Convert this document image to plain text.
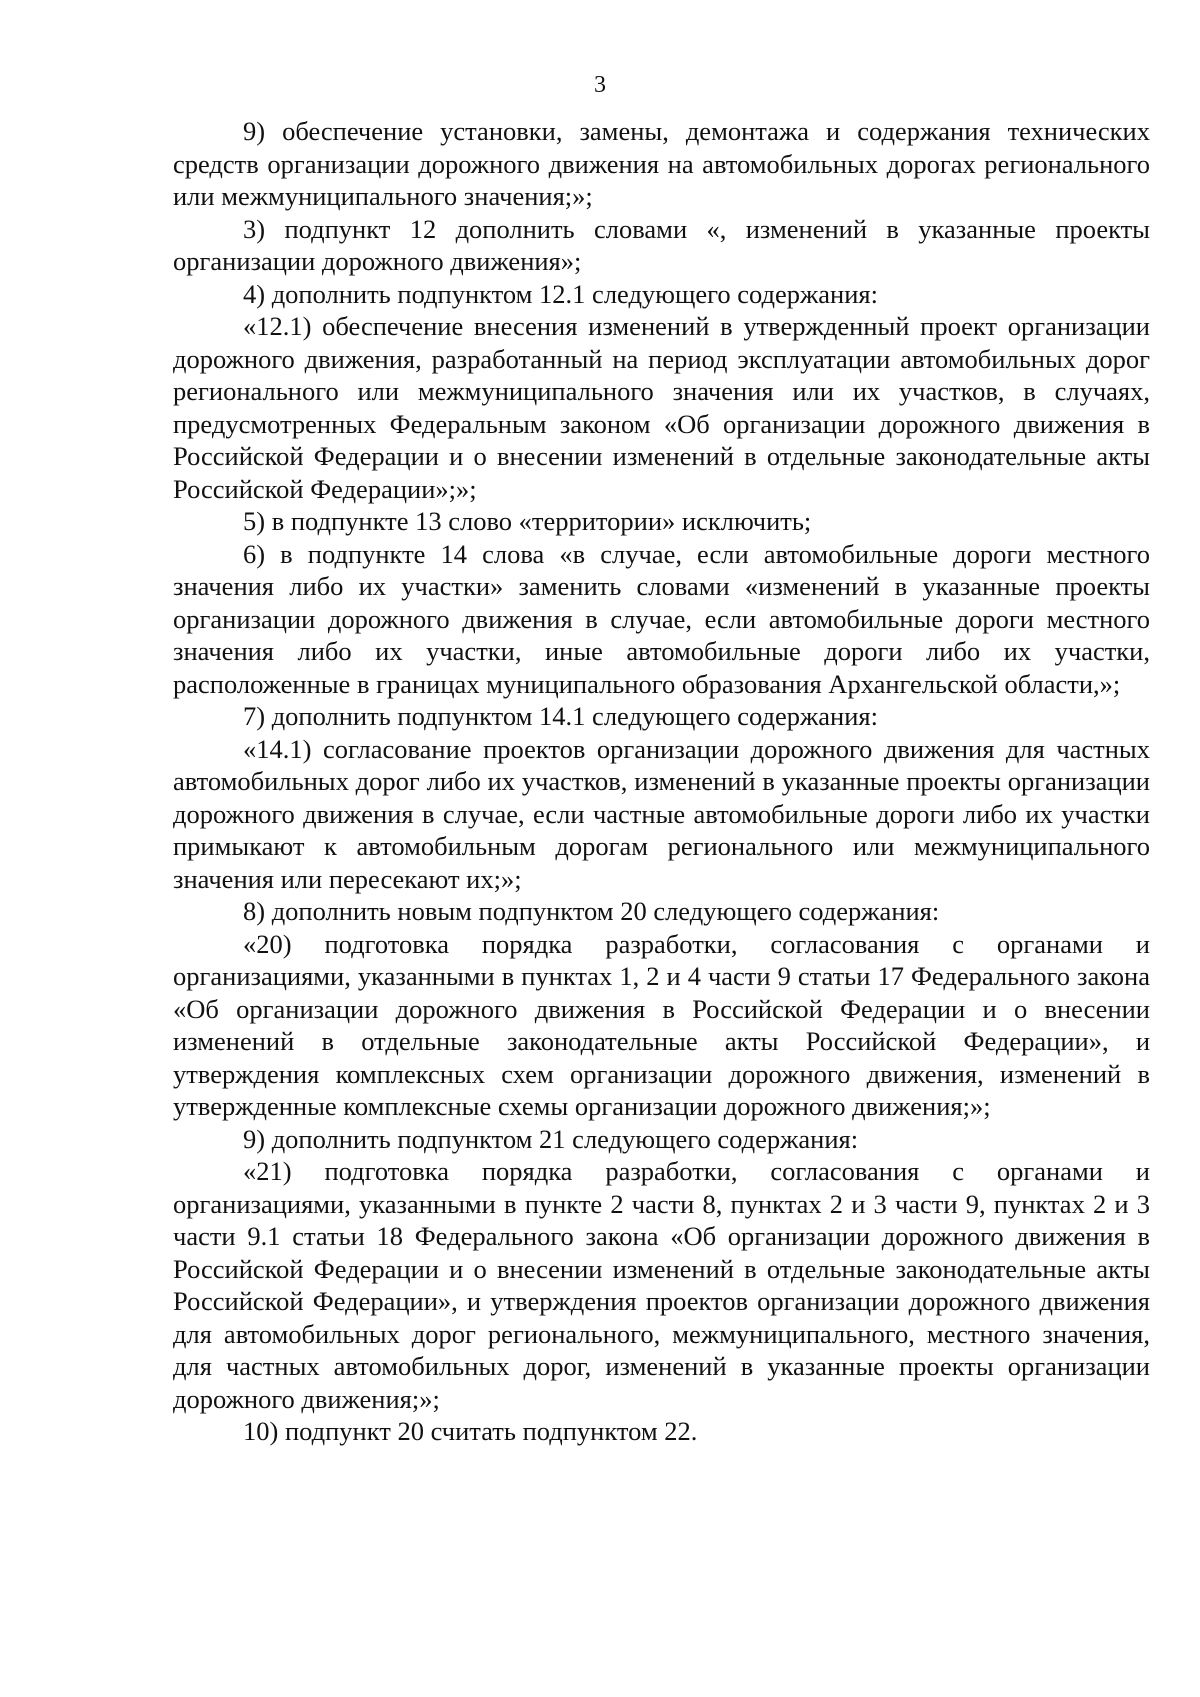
3

9) обеспечение установки, замены, демонтажа и содержания технических средств организации дорожного движения на автомобильных дорогах регионального или межмуниципального значения;»;

3) подпункт 12 дополнить словами «, изменений в указанные проекты организации дорожного движения»;

4) дополнить подпунктом 12.1 следующего содержания:

«12.1) обеспечение внесения изменений в утвержденный проект организации дорожного движения, разработанный на период эксплуатации автомобильных дорог регионального или межмуниципального значения или их участков, в случаях, предусмотренных Федеральным законом «Об организации дорожного движения в Российской Федерации и о внесении изменений в отдельные законодательные акты Российской Федерации»;»;

5) в подпункте 13 слово «территории» исключить;

6) в подпункте 14 слова «в случае, если автомобильные дороги местного значения либо их участки» заменить словами «изменений в указанные проекты организации дорожного движения в случае, если автомобильные дороги местного значения либо их участки, иные автомобильные дороги либо их участки, расположенные в границах муниципального образования Архангельской области,»;

7) дополнить подпунктом 14.1 следующего содержания:

«14.1) согласование проектов организации дорожного движения для частных автомобильных дорог либо их участков, изменений в указанные проекты организации дорожного движения в случае, если частные автомобильные дороги либо их участки примыкают к автомобильным дорогам регионального или межмуниципального значения или пересекают их;»;

8) дополнить новым подпунктом 20 следующего содержания:

«20) подготовка порядка разработки, согласования с органами и организациями, указанными в пунктах 1, 2 и 4 части 9 статьи 17 Федерального закона «Об организации дорожного движения в Российской Федерации и о внесении изменений в отдельные законодательные акты Российской Федерации», и утверждения комплексных схем организации дорожного движения, изменений в утвержденные комплексные схемы организации дорожного движения;»;

9) дополнить подпунктом 21 следующего содержания:

«21) подготовка порядка разработки, согласования с органами и организациями, указанными в пункте 2 части 8, пунктах 2 и 3 части 9, пунктах 2 и 3 части 9.1 статьи 18 Федерального закона «Об организации дорожного движения в Российской Федерации и о внесении изменений в отдельные законодательные акты Российской Федерации», и утверждения проектов организации дорожного движения для автомобильных дорог регионального, межмуниципального, местного значения, для частных автомобильных дорог, изменений в указанные проекты организации дорожного движения;»;

10) подпункт 20 считать подпунктом 22.
